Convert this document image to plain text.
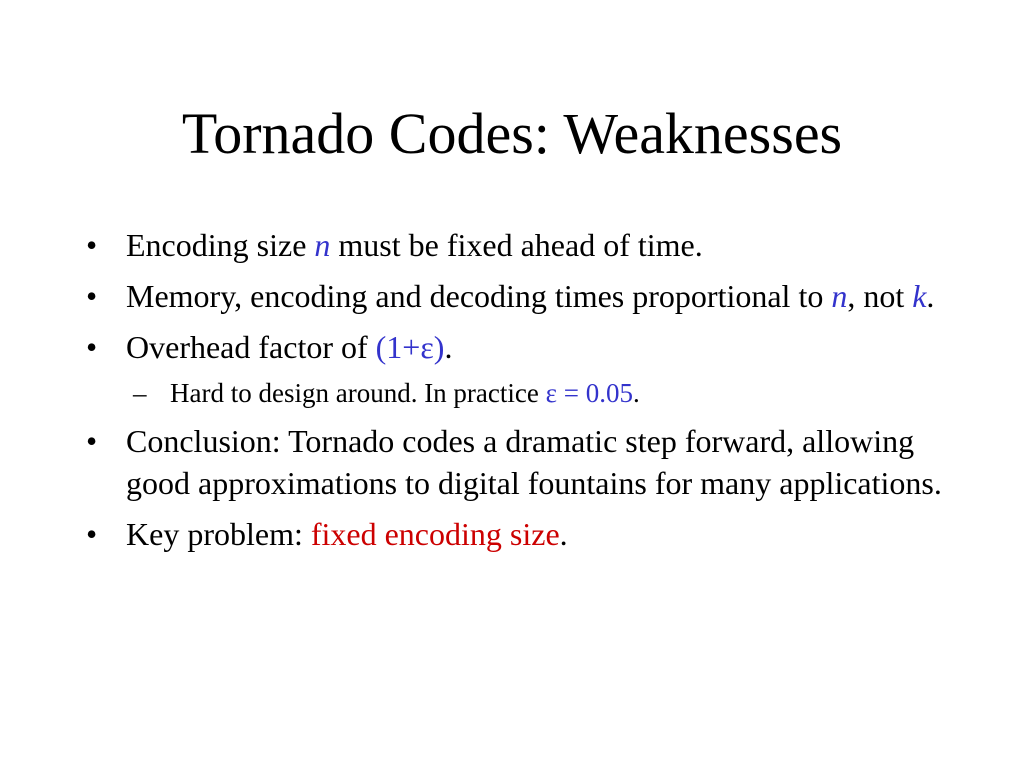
Tornado Codes: Weaknesses
• Encoding size n must be fixed ahead of time.
• Memory, encoding and decoding times proportional to n, not k.
• Overhead factor of (1+ε).
– Hard to design around. In practice ε = 0.05.
• Conclusion: Tornado codes a dramatic step forward, allowing good approximations to digital fountains for many applications.
• Key problem: fixed encoding size.
